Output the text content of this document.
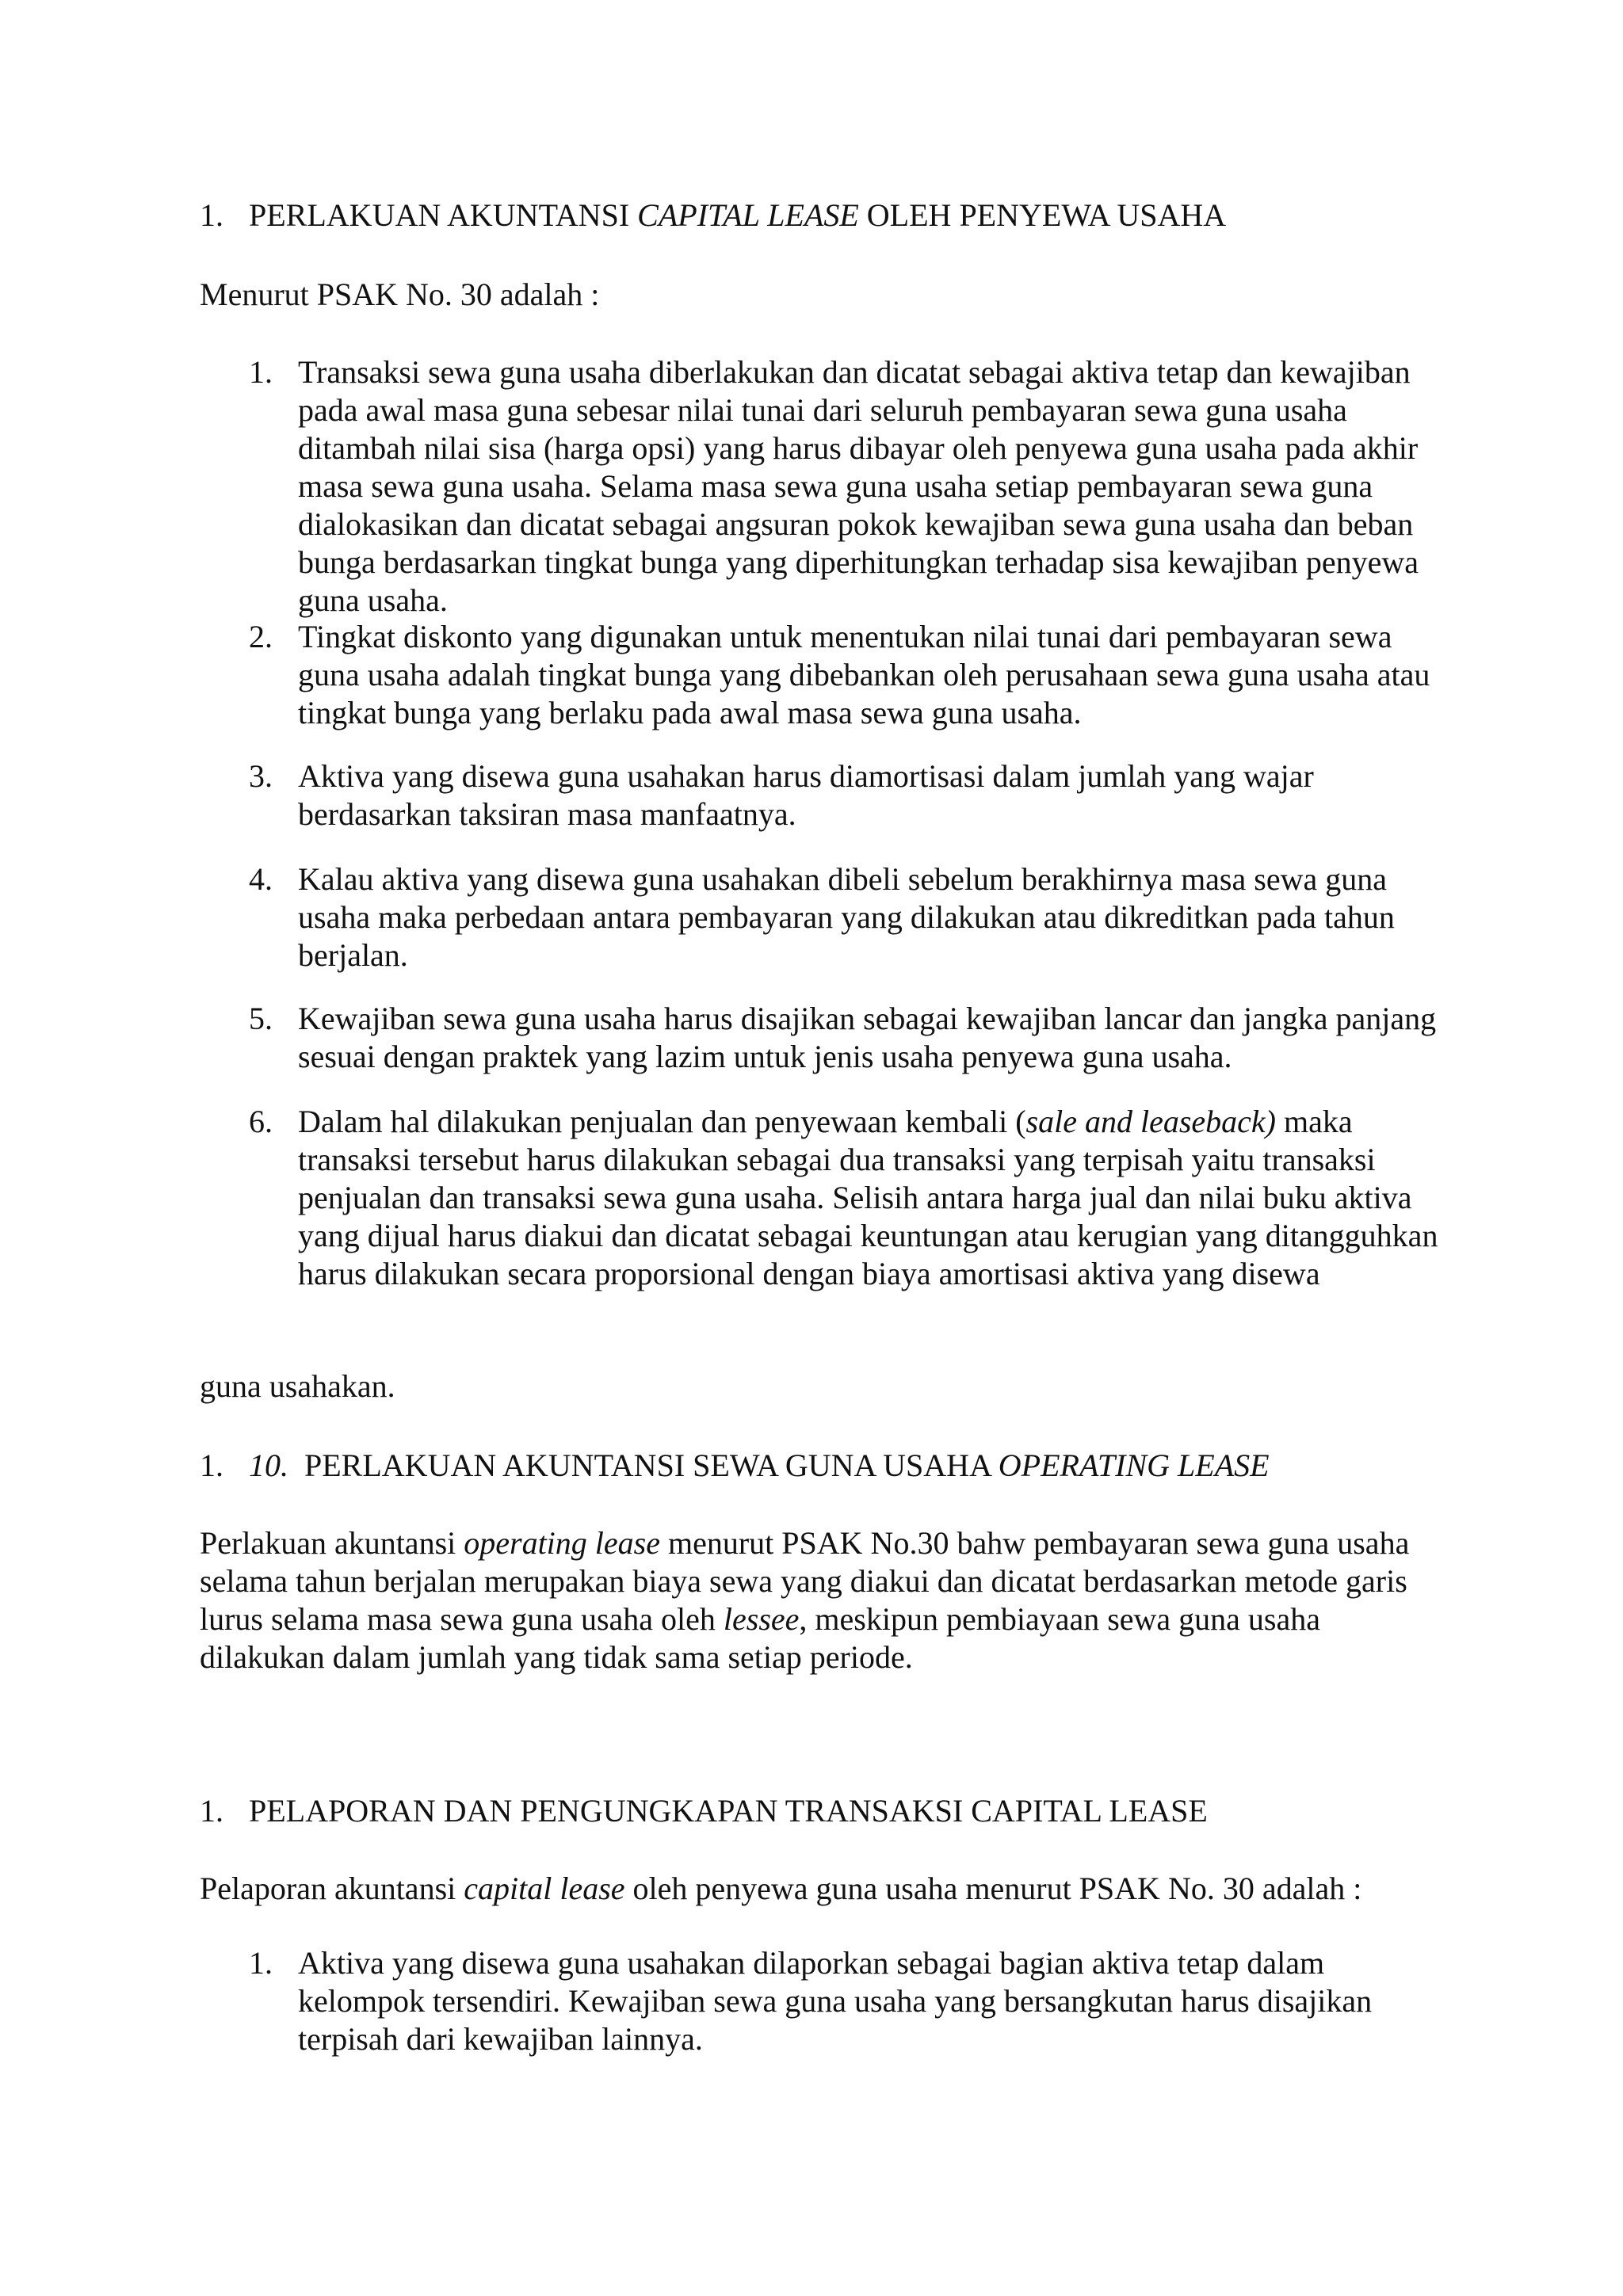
1. PERLAKUAN AKUNTANSI CAPITAL LEASE OLEH PENYEWA USAHA

Menurut PSAK No. 30 adalah :

1. Transaksi sewa guna usaha diberlakukan dan dicatat sebagai aktiva tetap dan kewajiban pada awal masa guna sebesar nilai tunai dari seluruh pembayaran sewa guna usaha ditambah nilai sisa (harga opsi) yang harus dibayar oleh penyewa guna usaha pada akhir masa sewa guna usaha. Selama masa sewa guna usaha setiap pembayaran sewa guna dialokasikan dan dicatat sebagai angsuran pokok kewajiban sewa guna usaha dan beban bunga berdasarkan tingkat bunga yang diperhitungkan terhadap sisa kewajiban penyewa guna usaha.
2. Tingkat diskonto yang digunakan untuk menentukan nilai tunai dari pembayaran sewa guna usaha adalah tingkat bunga yang dibebankan oleh perusahaan sewa guna usaha atau tingkat bunga yang berlaku pada awal masa sewa guna usaha.
3. Aktiva yang disewa guna usahakan harus diamortisasi dalam jumlah yang wajar berdasarkan taksiran masa manfaatnya.
4. Kalau aktiva yang disewa guna usahakan dibeli sebelum berakhirnya masa sewa guna usaha maka perbedaan antara pembayaran yang dilakukan atau dikreditkan pada tahun berjalan.
5. Kewajiban sewa guna usaha harus disajikan sebagai kewajiban lancar dan jangka panjang sesuai dengan praktek yang lazim untuk jenis usaha penyewa guna usaha.
6. Dalam hal dilakukan penjualan dan penyewaan kembali (sale and leaseback) maka transaksi tersebut harus dilakukan sebagai dua transaksi yang terpisah yaitu transaksi penjualan dan transaksi sewa guna usaha. Selisih antara harga jual dan nilai buku aktiva yang dijual harus diakui dan dicatat sebagai keuntungan atau kerugian yang ditangguhkan harus dilakukan secara proporsional dengan biaya amortisasi aktiva yang disewa

guna usahakan.

1. 10.  PERLAKUAN AKUNTANSI SEWA GUNA USAHA OPERATING LEASE

Perlakuan akuntansi operating lease menurut PSAK No.30 bahw pembayaran sewa guna usaha selama tahun berjalan merupakan biaya sewa yang diakui dan dicatat berdasarkan metode garis lurus selama masa sewa guna usaha oleh lessee, meskipun pembiayaan sewa guna usaha dilakukan dalam jumlah yang tidak sama setiap periode.

1. PELAPORAN DAN PENGUNGKAPAN TRANSAKSI CAPITAL LEASE

Pelaporan akuntansi capital lease oleh penyewa guna usaha menurut PSAK No. 30 adalah :

1. Aktiva yang disewa guna usahakan dilaporkan sebagai bagian aktiva tetap dalam kelompok tersendiri. Kewajiban sewa guna usaha yang bersangkutan harus disajikan terpisah dari kewajiban lainnya.
